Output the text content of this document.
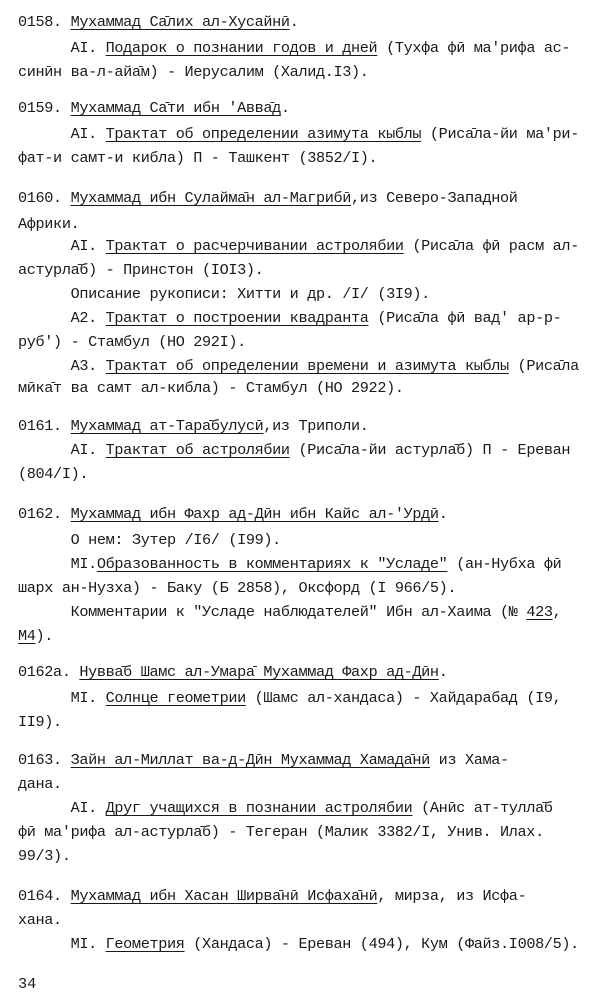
0158. Мухаммад Са̄лих ал-Хусайнӣ.
AI. Подарок о познании годов и дней (Тухфа фӣ ма'рифа ас-
синӣн ва-л-айа̄м) - Иерусалим (Халид.I3).
0159. Мухаммад Са̄ти ибн 'Авва̄д.
AI. Трактат об определении азимута кыблы (Риса̄ла-йи ма'ри-
фат-и самт-и кибла) П - Ташкент (3852/I).
0160. Мухаммад ибн Сулайма̄н ал-Магрибӣ,из Северо-Западной
Африки.
AI. Трактат о расчерчивании астролябии (Риса̄ла фӣ расм ал-
астурла̄б) - Принстон (IОI3).
Описание рукописи: Хитти и др. /I/ (3I9).
A2. Трактат о построении квадранта (Риса̄ла фӣ вад' ар-р-
руб') - Стамбул (НО 292I).
A3. Трактат об определении времени и азимута кыблы (Риса̄ла
мӣка̄т ва самт ал-кибла) - Стамбул (НО 2922).
0161. Мухаммад ат-Тара̄булусӣ,из Триполи.
AI. Трактат об астролябии (Риса̄ла-йи астурла̄б) П - Ереван
(804/I).
0162. Мухаммад ибн Фахр ад-Дӣн ибн Кайс ал-'Урдӣ.
О нем: Зутер /I6/ (I99).
MI.Образованность в комментариях к "Усладе" (ан-Нубха фӣ
шарх ан-Нузха) - Баку (Б 2858), Оксфорд (I 966/5).
Комментарии к "Усладе наблюдателей" Ибн ал-Хаима (№ 423,
М4).
0162а. Нувва̄б Шамс ал-Умара̄ Мухаммад Фахр ад-Дӣн.
MI. Солнце геометрии (Шамс ал-хандаса) - Хайдарабад (I9,
II9).
0163. Зайн ал-Миллат ва-д-Дӣн Мухаммад Хамада̄нӣ из Хама-
дана.
AI. Друг учащихся в познании астролябии (Анӣс ат-тулла̄б
фӣ ма'рифа ал-астурла̄б) - Тегеран (Малик 3382/I, Унив. Илах.
99/3).
0164. Мухаммад ибн Хасан Ширва̄нӣ Исфаха̄нӣ, мирза, из Исфа-
хана.
MI. Геометрия (Хандаса) - Ереван (494), Кум (Файз.I008/5).
34
